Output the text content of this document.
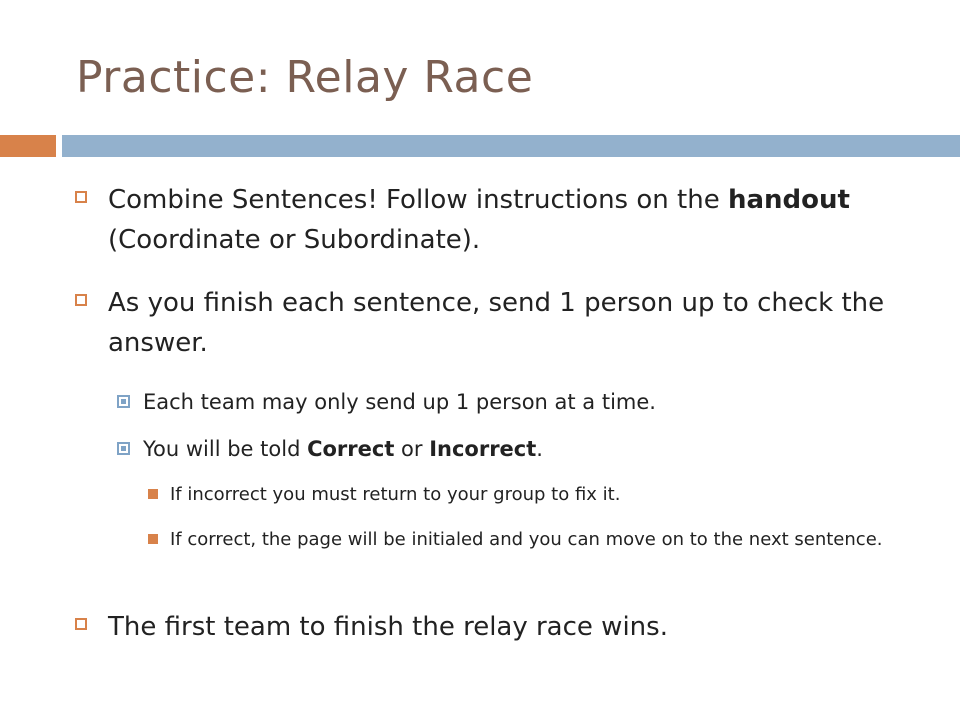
Practice: Relay Race
Combine Sentences! Follow instructions on the handout (Coordinate or Subordinate).
As you finish each sentence, send 1 person up to check the answer.
Each team may only send up 1 person at a time.
You will be told Correct or Incorrect.
If incorrect you must return to your group to fix it.
If correct, the page will be initialed and you can move on to the next sentence.
The first team to finish the relay race wins.
